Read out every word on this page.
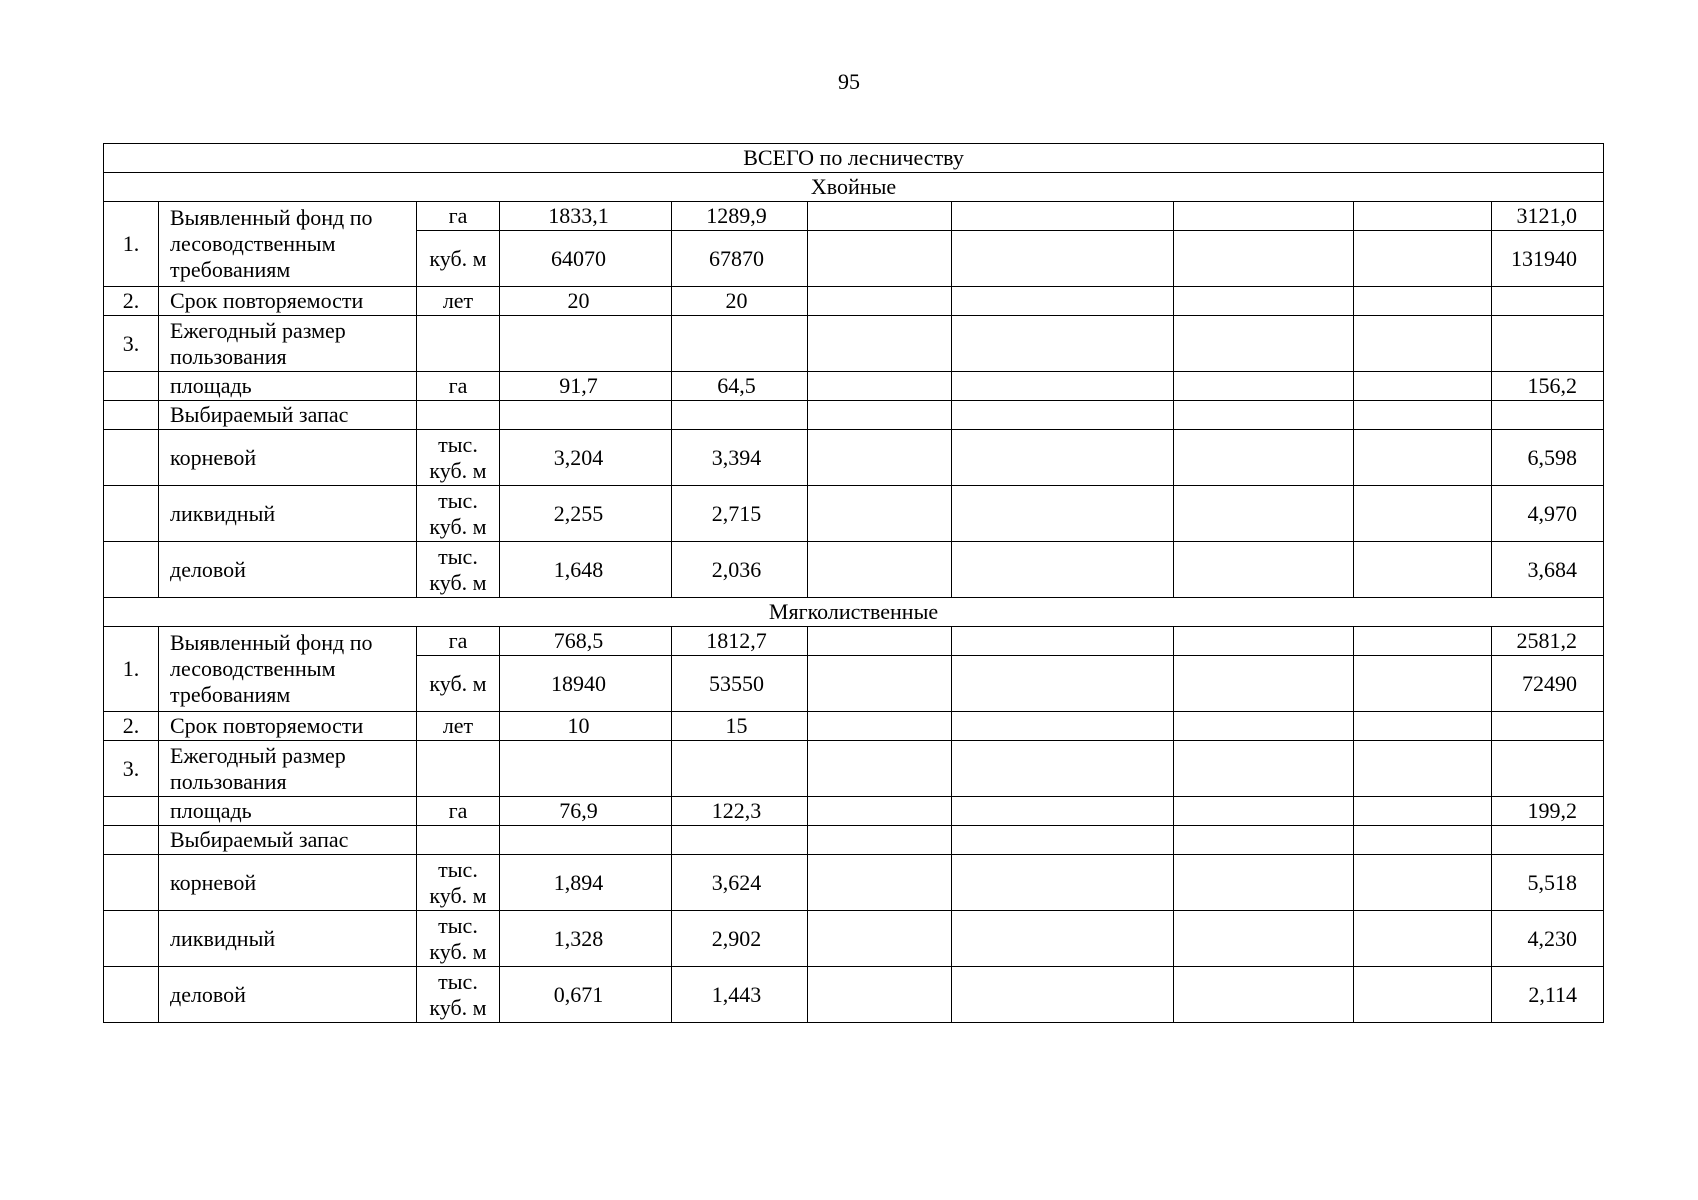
95
ВСЕГО по лесничеству									
Хвойные									
1.	Выявленный фонд по лесоводственным требованиям	га	1833,1	1289,9					3121,0
		куб. м	64070	67870					131940
2.	Срок повторяемости	лет	20	20					
3.	Ежегодный размер пользования								
	площадь	га	91,7	64,5					156,2
	Выбираемый запас								
	корневой	тыс. куб. м	3,204	3,394					6,598
	ликвидный	тыс. куб. м	2,255	2,715					4,970
	деловой	тыс. куб. м	1,648	2,036					3,684
Мягколиственные									
1.	Выявленный фонд по лесоводственным требованиям	га	768,5	1812,7					2581,2
		куб. м	18940	53550					72490
2.	Срок повторяемости	лет	10	15					
3.	Ежегодный размер пользования								
	площадь	га	76,9	122,3					199,2
	Выбираемый запас								
	корневой	тыс. куб. м	1,894	3,624					5,518
	ликвидный	тыс. куб. м	1,328	2,902					4,230
	деловой	тыс. куб. м	0,671	1,443					2,114
